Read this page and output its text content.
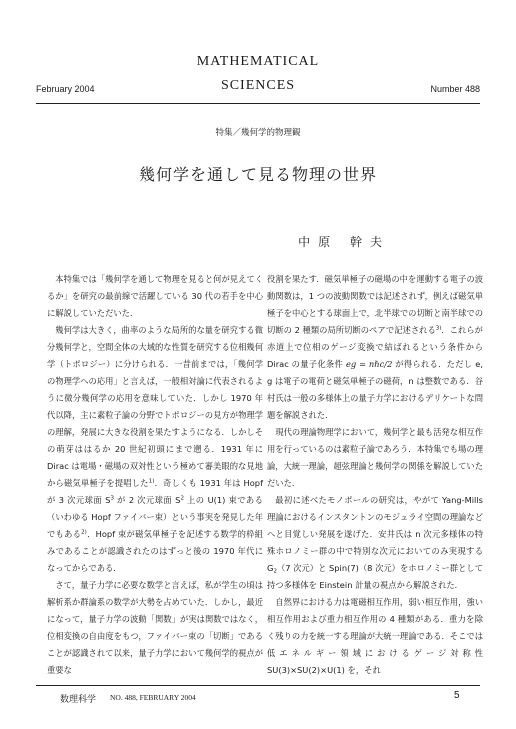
MATHEMATICAL
SCIENCES
February 2004	Number 488
特集／幾何学的物理観
幾何学を通して見る物理の世界
中原 幹夫

本特集では「幾何学を通して物理を見ると何が見えてくるか」を研究の最前線で活躍している 30 代の若手を中心に解説していただいた．

幾何学は大きく，曲率のような局所的な量を研究する微分幾何学と，空間全体の大域的な性質を研究する位相幾何学（トポロジー）に分けられる．一昔前までは，「幾何学の物理学への応用」と言えば，一般相対論に代表されるように微分幾何学の応用を意味していた．しかし 1970 年代以降，主に素粒子論の分野でトポロジーの見方が物理学の理解，発展に大きな役割を果たすようになる．しかしその萌芽ははるか 20 世紀初頭にまで遡る．1931 年に Dirac は電場・磁場の双対性という極めて審美眼的な見地から磁気単極子を提唱した$^{1)}$．奇しくも 1931 年は Hopf が 3 次元球面 $S^3$ が 2 次元球面 $S^2$ 上の U(1) 束である（いわゆる Hopf ファイバー束）という事実を発見した年でもある$^{2)}$．Hopf 束が磁気単極子を記述する数学的枠組みであることが認識されたのはずっと後の 1970 年代になってからである．

さて，量子力学に必要な数学と言えば，私が学生の頃は解析系か群論系の数学が大勢を占めていた．しかし，最近になって，量子力学の波動「関数」が実は関数ではなく，位相変換の自由度をもつ，ファイバー束の「切断」であることが認識されて以来，量子力学において幾何学的視点が重要な

役割を果たす．磁気単極子の磁場の中を運動する電子の波動関数は，1 つの波動関数では記述されず，例えば磁気単極子を中心とする球面上で，北半球での切断と南半球での切断の 2 種類の局所切断のペアで記述される$^{3)}$．これらが赤道上で位相のゲージ変換で結ばれるという条件から Dirac の量子化条件 eg = nℏc/2 が得られる．ただし e, g は電子の電荷と磁気単極子の磁荷，n は整数である．谷村氏は一般の多様体上の量子力学におけるデリケートな問題を解説された．

現代の理論物理学において，幾何学と最も活発な相互作用を行っているのは素粒子論であろう．本特集でも場の理論，大統一理論，超弦理論と幾何学の関係を解説していただいた．

最初に述べたモノポールの研究は，やがて Yang-Mills 理論におけるインスタントンのモジュライ空間の理論などへと目覚しい発展を遂げた．安井氏は n 次元多様体の特殊ホロノミー群の中で特別な次元においてのみ実現する $G_2(7$ 次元）と Spin(7)（8 次元）をホロノミー群として持つ多様体を Einstein 計量の視点から解説された．

自然界における力は電磁相互作用，弱い相互作用，強い相互作用および重力相互作用の 4 種類がある．重力を除く残りの力を統一する理論が大統一理論である．そこでは低エネルギー領域におけるゲージ対称性 SU(3)×SU(2)×U(1) を，それ

数理科学 NO. 488, FEBRUARY 2004	5
